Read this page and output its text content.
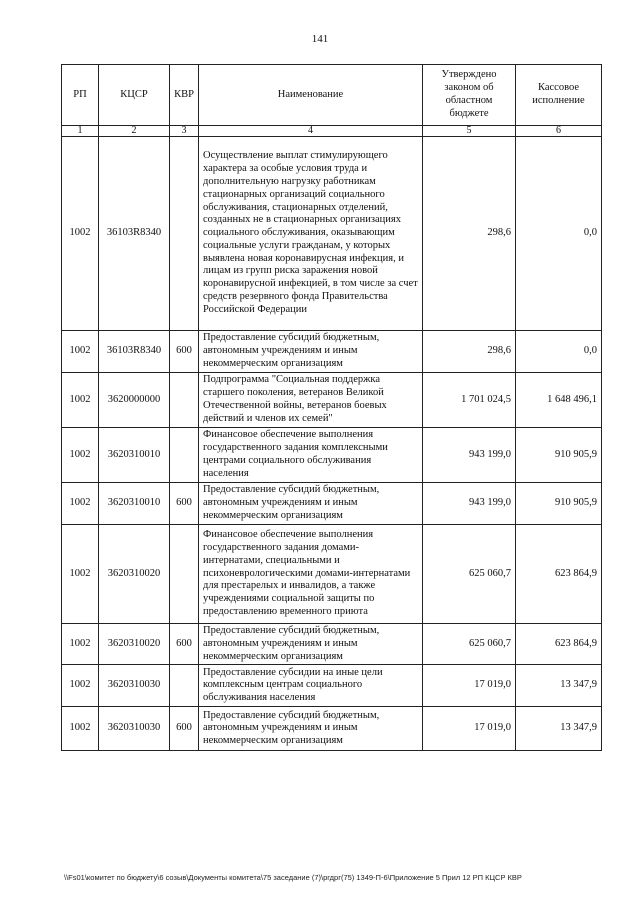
141
РП	КЦСР	КВР	Наименование	Утверждено законом об областном бюджете	Кассовое исполнение
1	2	3	4	5	6
1002	36103R8340		Осуществление выплат стимулирующего характера за особые условия труда и дополнительную нагрузку работникам стационарных организаций социального обслуживания, стационарных отделений, созданных не в стационарных организациях социального обслуживания, оказывающим социальные услуги гражданам, у которых выявлена новая коронавирусная инфекция, и лицам из групп риска заражения новой коронавирусной инфекцией, в том числе за счет средств резервного фонда Правительства Российской Федерации	298,6	0,0
1002	36103R8340	600	Предоставление субсидий бюджетным, автономным учреждениям и иным некоммерческим организациям	298,6	0,0
1002	3620000000		Подпрограмма "Социальная поддержка старшего поколения, ветеранов Великой Отечественной войны, ветеранов боевых действий и членов их семей"	1 701 024,5	1 648 496,1
1002	3620310010		Финансовое обеспечение выполнения государственного задания комплексными центрами социального обслуживания населения	943 199,0	910 905,9
1002	3620310010	600	Предоставление субсидий бюджетным, автономным учреждениям и иным некоммерческим организациям	943 199,0	910 905,9
1002	3620310020		Финансовое обеспечение выполнения государственного задания домами-интернатами, специальными и психоневрологическими домами-интернатами для престарелых и инвалидов, а также учреждениями социальной защиты по предоставлению временного приюта	625 060,7	623 864,9
1002	3620310020	600	Предоставление субсидий бюджетным, автономным учреждениям и иным некоммерческим организациям	625 060,7	623 864,9
1002	3620310030		Предоставление субсидии на иные цели комплексным центрам социального обслуживания населения	17 019,0	13 347,9
1002	3620310030	600	Предоставление субсидий бюджетным, автономным учреждениям и иным некоммерческим организациям	17 019,0	13 347,9
\\Fs01\комитет по бюджету\6 созыв\Документы комитета\75 заседание (7)\ргдрг(75) 1349-П-6\Приложение 5 Прил 12 РП КЦСР КВР
